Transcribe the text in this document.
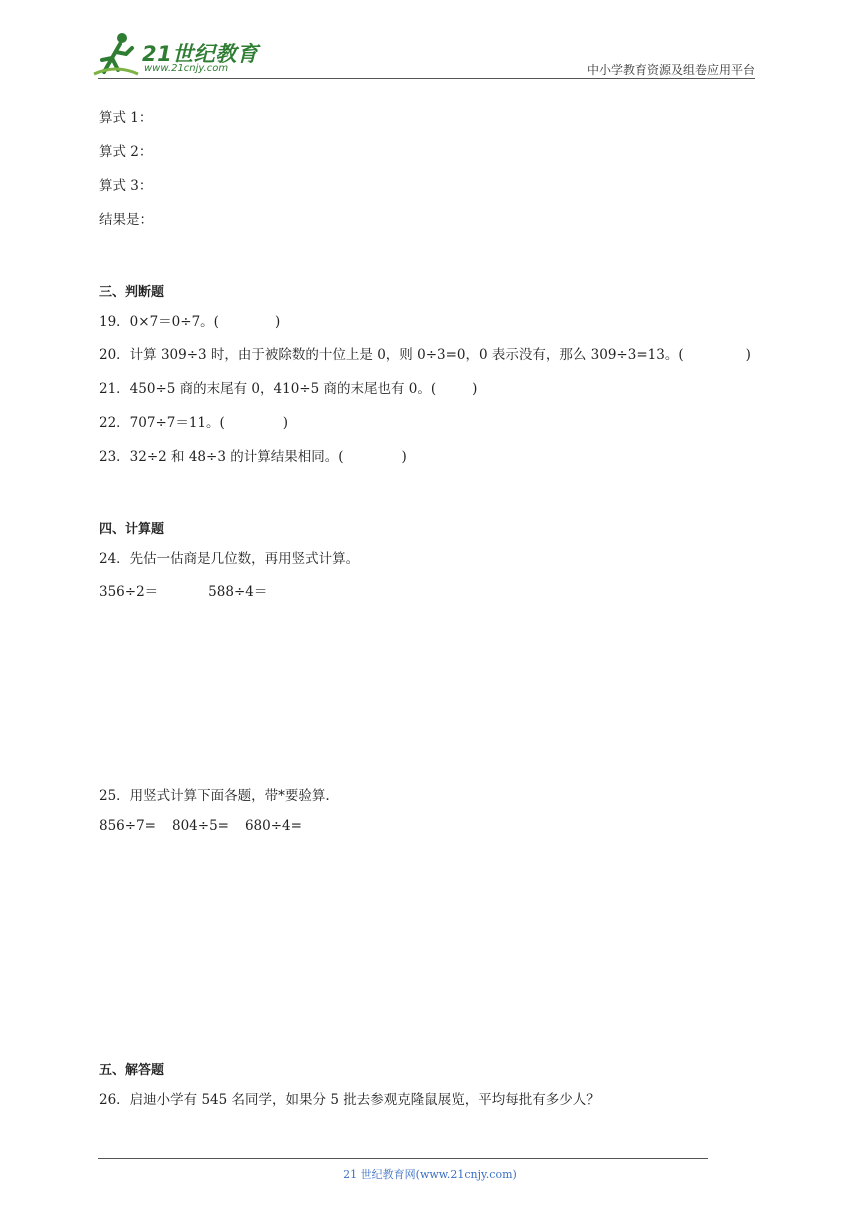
21世纪教育
www.21cnjy.com	中小学教育资源及组卷应用平台
算式 1：
算式 2：
算式 3：
结果是：
三、判断题
19．0×7＝0÷7。(	)
20．计算 309÷3 时，由于被除数的十位上是 0，则 0÷3=0，0 表示没有，那么 309÷3=13。(	)
21．450÷5 商的末尾有 0，410÷5 商的末尾也有 0。(	)
22．707÷7＝11。(	)
23．32÷2 和 48÷3 的计算结果相同。(	)
四、计算题
24．先估一估商是几位数，再用竖式计算。
356÷2＝	588÷4＝
25．用竖式计算下面各题，带*要验算.
856÷7= 804÷5= 680÷4=
五、解答题
26．启迪小学有 545 名同学，如果分 5 批去参观克隆鼠展览，平均每批有多少人？
21 世纪教育网(www.21cnjy.com)
